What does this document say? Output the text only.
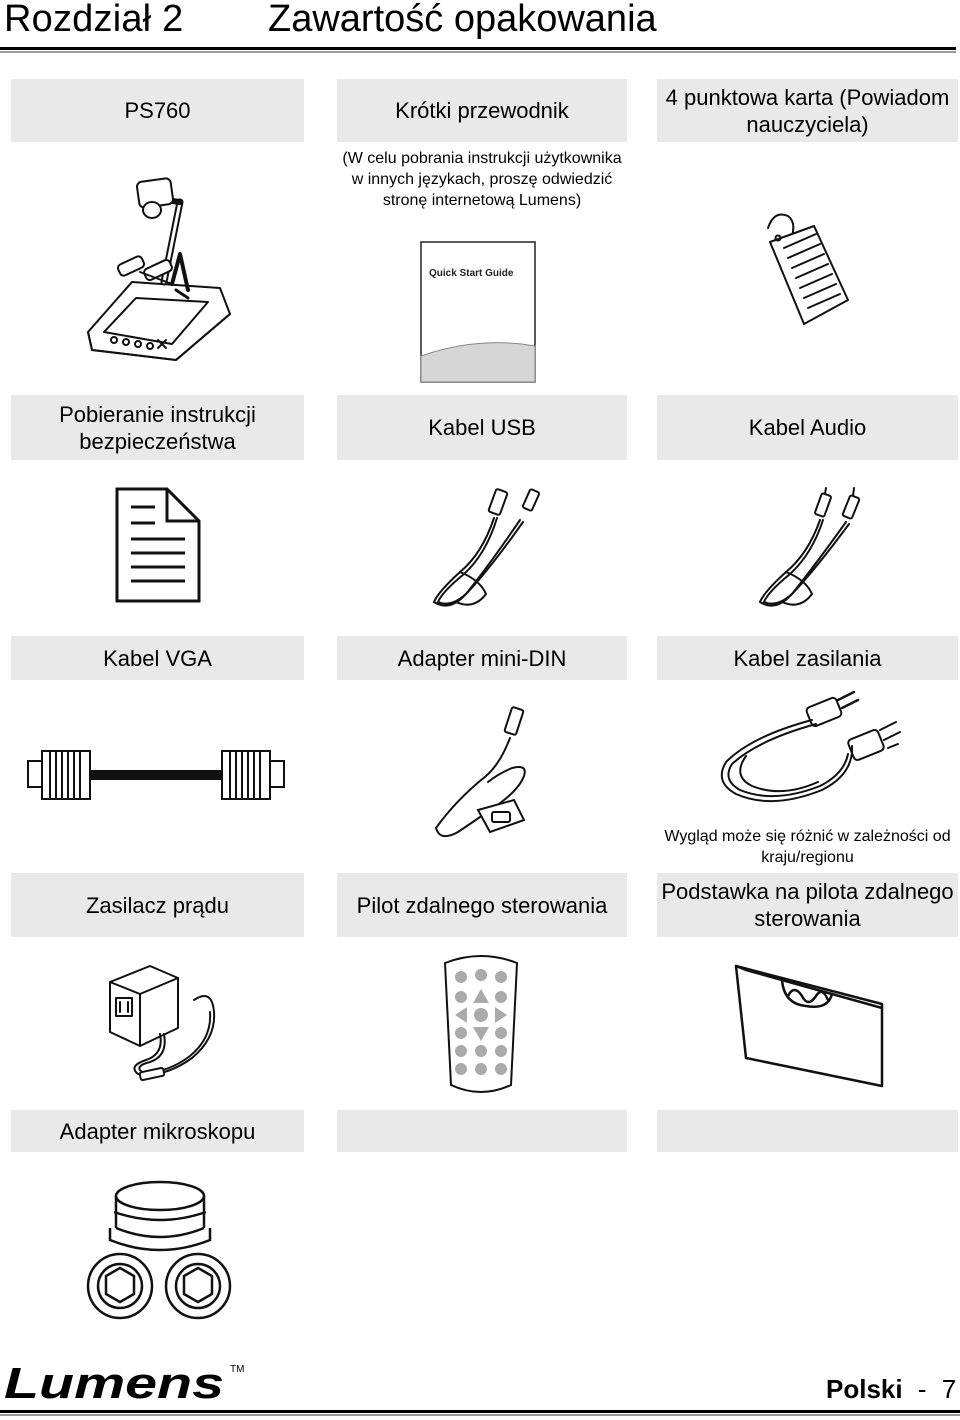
Rozdział 2 Zawartość opakowania
PS760	Krótki przewodnik
4 punktowa karta (Powiadom nauczyciela)
(W celu pobrania instrukcji użytkownika w innych językach, proszę odwiedzić stronę internetową Lumens)
Quick Start Guide
Pobieranie instrukcji bezpieczeństwa
Kabel USB	Kabel Audio
Kabel VGA	Adapter mini-DIN	Kabel zasilania
Wygląd może się różnić w zależności od kraju/regionu
Zasilacz prądu	Pilot zdalnego sterowania
Podstawka na pilota zdalnego sterowania
Adapter mikroskopu
Lumens TM
Polski - 7
